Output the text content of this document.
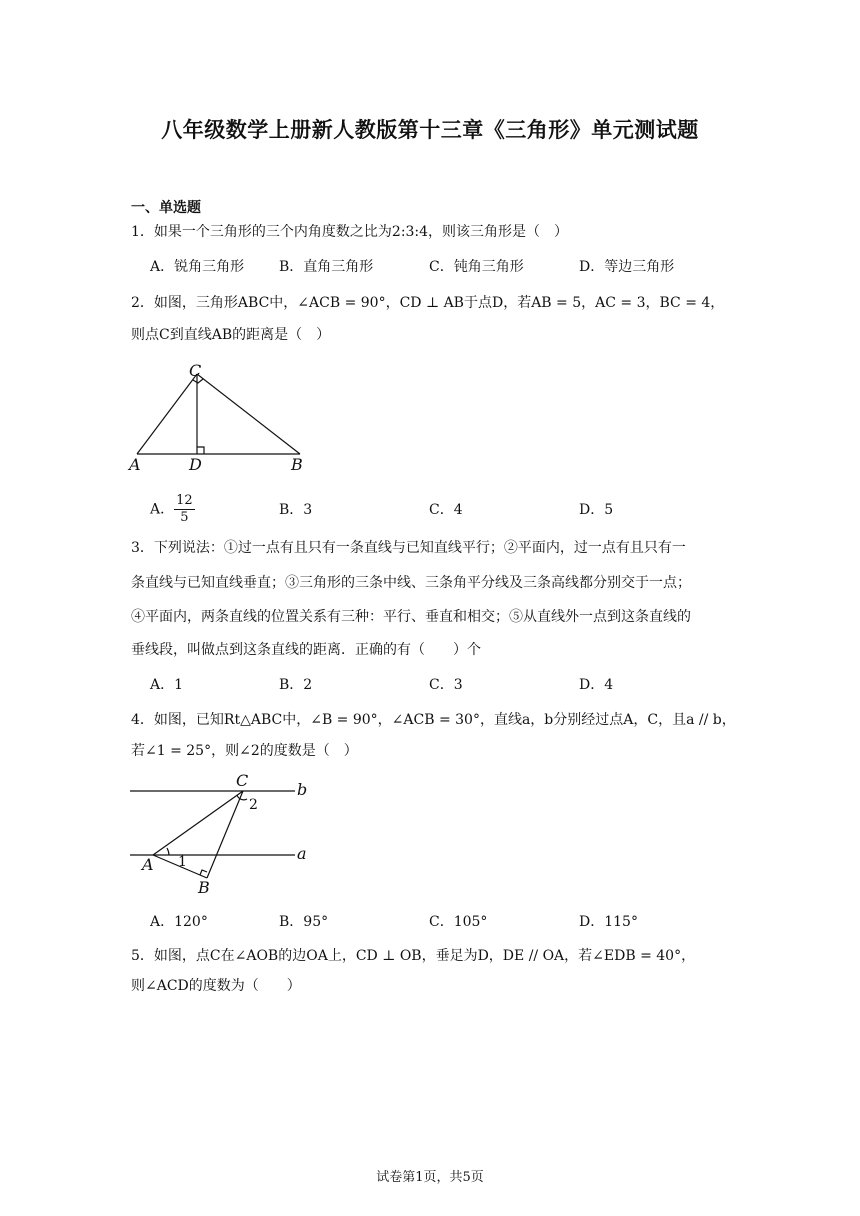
八年级数学上册新人教版第十三章《三角形》单元测试题
一、单选题
1．如果一个三角形的三个内角度数之比为2:3:4，则该三角形是（　）
A．锐角三角形 B．直角三角形	C．钝角三角形	D．等边三角形
2．如图，三角形ABC中，∠ACB = 90°，CD ⊥ AB于点D，若AB = 5，AC = 3，BC = 4，
则点C到直线AB的距离是（　）
C
A	D	B
A． $\frac{12}{5}$	B．3	C．4	D．5
3．下列说法：①过一点有且只有一条直线与已知直线平行；②平面内，过一点有且只有一
条直线与已知直线垂直；③三角形的三条中线、三条角平分线及三条高线都分别交于一点；
④平面内，两条直线的位置关系有三种：平行、垂直和相交；⑤从直线外一点到这条直线的
垂线段，叫做点到这条直线的距离．正确的有（　　）个
A．1	B．2	C．3	D．4
4．如图，已知Rt△ABC中，∠B = 90°，∠ACB = 30°，直线a，b分别经过点A，C，且a // b，
若∠1 = 25°，则∠2的度数是（　）
C	b
2
a
A 1
B
A．120°	B．95°	C．105°	D．115°
5．如图，点C在∠AOB的边OA上，CD ⊥ OB，垂足为D，DE // OA，若∠EDB = 40°，
则∠ACD的度数为（　　）
试卷第1页，共5页
